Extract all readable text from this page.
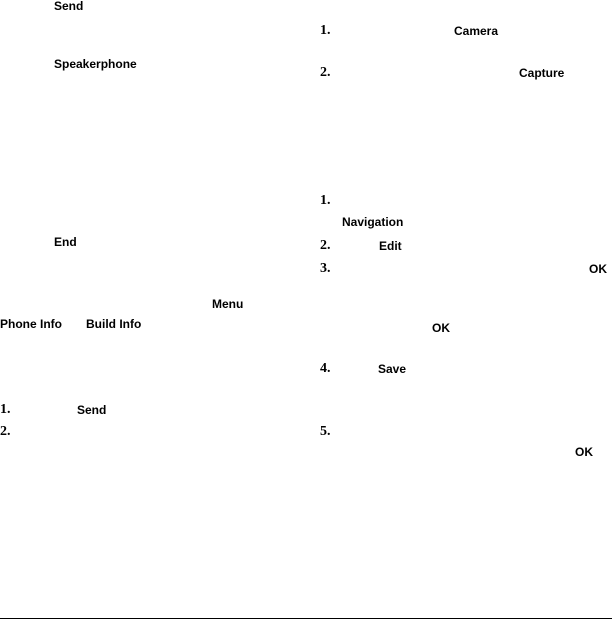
Send
Speakerphone
End
Menu
Phone Info Build Info
1.	Send
2.
1.	Camera
2.	Capture
1.
Navigation
2.	Edit
3.	OK
OK
4.	Save
5.
OK
